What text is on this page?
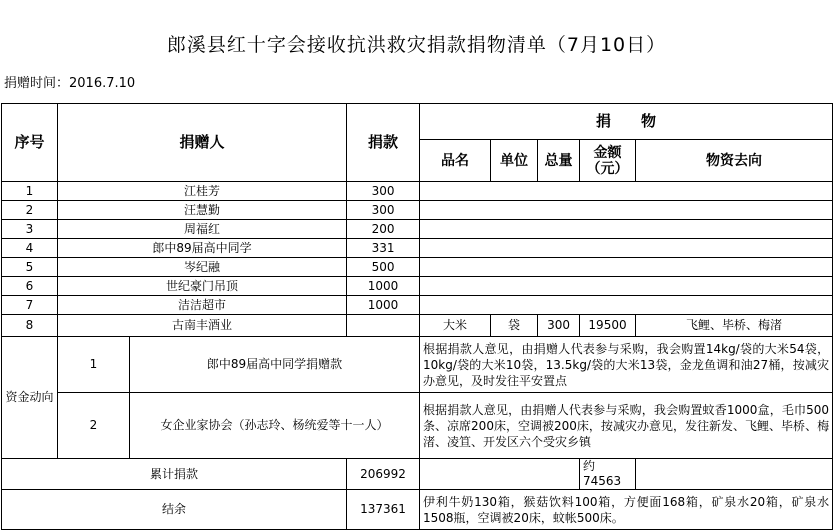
郎溪县红十字会接收抗洪救灾捐款捐物清单（7月10日）
捐赠时间：2016.7.10
序号	捐赠人		捐款	捐　　物				
				品名	单位	总量	金额（元）	物资去向
1	江桂芳		300					
2	汪慧勤		300					
3	周福红		200					
4	郎中89届高中同学		331					
5	岑纪融		500					
6	世纪豪门吊顶		1000					
7	洁洁超市		1000					
8	古南丰酒业			大米	袋	300	19500	飞鲤、毕桥、梅渚
资金动向	1	郎中89届高中同学捐赠款		根据捐款人意见，由捐赠人代表参与采购，我会购置14kg/袋的大米54袋，10kg/袋的大米10袋，13.5kg/袋的大米13袋，金龙鱼调和油27桶，按减灾办意见，及时发往平安置点				
	2	女企业家协会（孙志玲、杨统爱等十一人）		根据捐款人意见，由捐赠人代表参与采购，我会购置蚊香1000盒，毛巾500条、凉席200床，空调被200床，按减灾办意见，发往新发、飞鲤、毕桥、梅渚、凌笪、开发区六个受灾乡镇				
累计捐款			206992				约74563	
结余			137361	伊利牛奶130箱，猴菇饮料100箱，方便面168箱，矿泉水20箱，矿泉水1508瓶，空调被20床，蚊帐500床。				
